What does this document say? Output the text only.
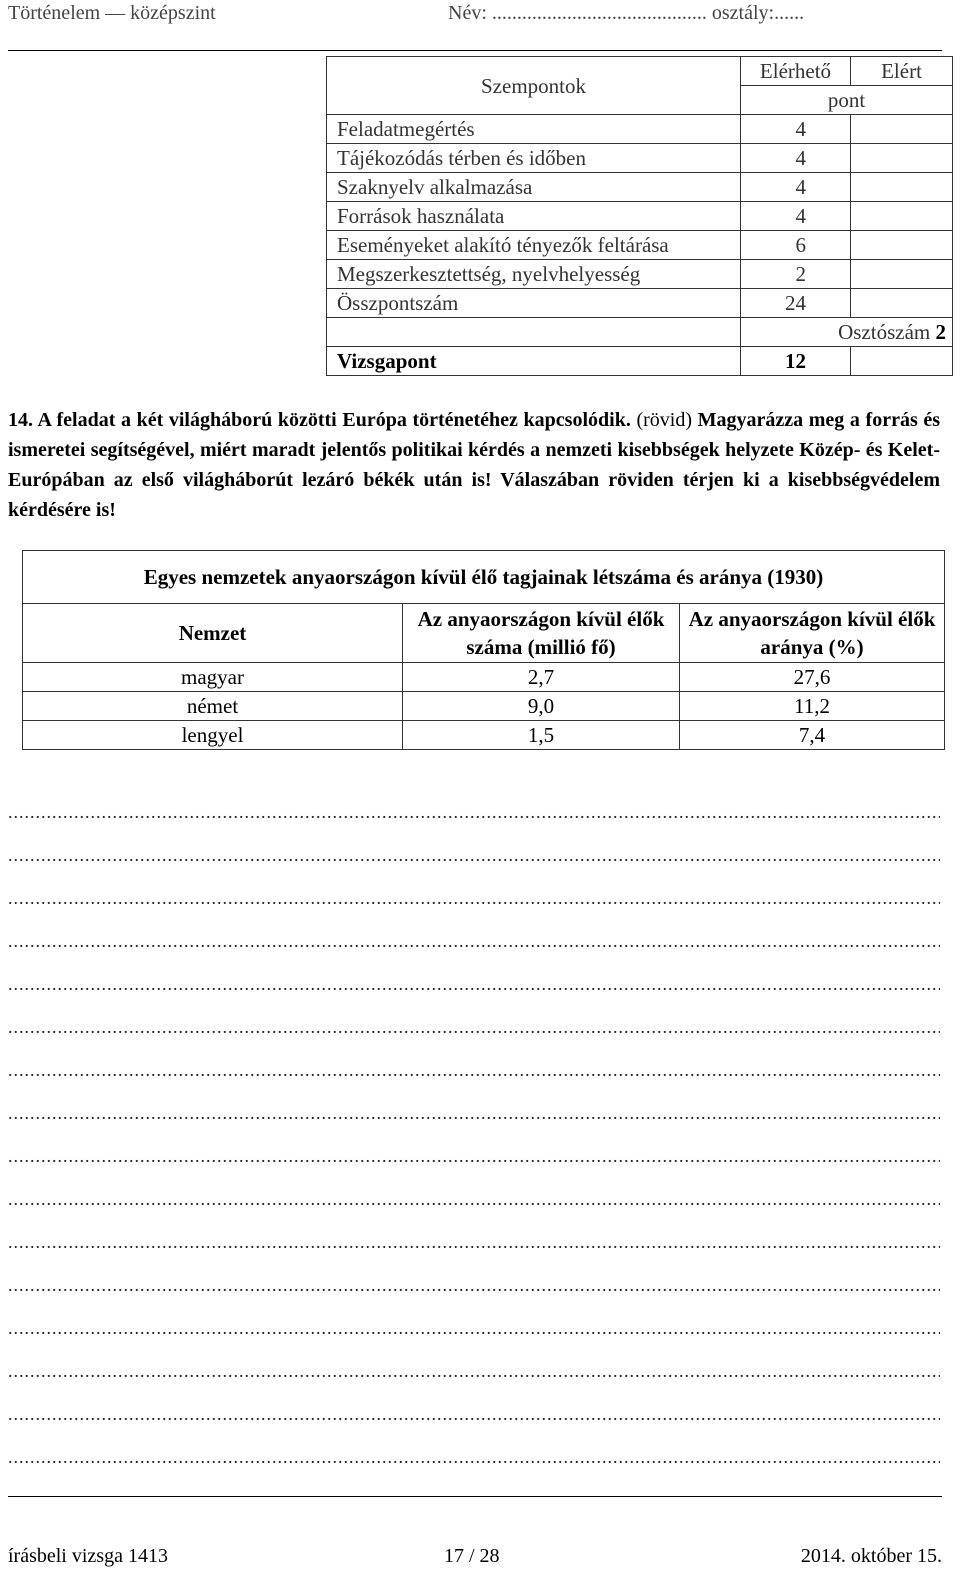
Történelem — középszint	Név: ........................................... osztály:......
Szempontok	Elérhető	Elért
	pont	
Feladatmegértés	4	
Tájékozódás térben és időben	4	
Szaknyelv alkalmazása	4	
Források használata	4	
Eseményeket alakító tényezők feltárása	6	
Megszerkesztettség, nyelvhelyesség	2	
Összpontszám	24	
	Osztószám 2	
Vizsgapont	12	

14. A feladat a két világháború közötti Európa történetéhez kapcsolódik. (rövid) Magyarázza meg a forrás és ismeretei segítségével, miért maradt jelentős politikai kérdés a nemzeti kisebbségek helyzete Közép- és Kelet-Európában az első világháborút lezáró békék után is! Válaszában röviden térjen ki a kisebbségvédelem kérdésére is!

Egyes nemzetek anyaországon kívül élő tagjainak létszáma és aránya (1930)		
Nemzet	Az anyaországon kívül élők száma (millió fő)	Az anyaországon kívül élők aránya (%)
magyar	2,7	27,6
német	9,0	11,2
lengyel	1,5	7,4
.....
.....
.....
.....
.....
.....
.....
.....
.....
.....
.....
.....
.....
.....
.....
.....
írásbeli vizsga 1413	17 / 28	2014. október 15.
